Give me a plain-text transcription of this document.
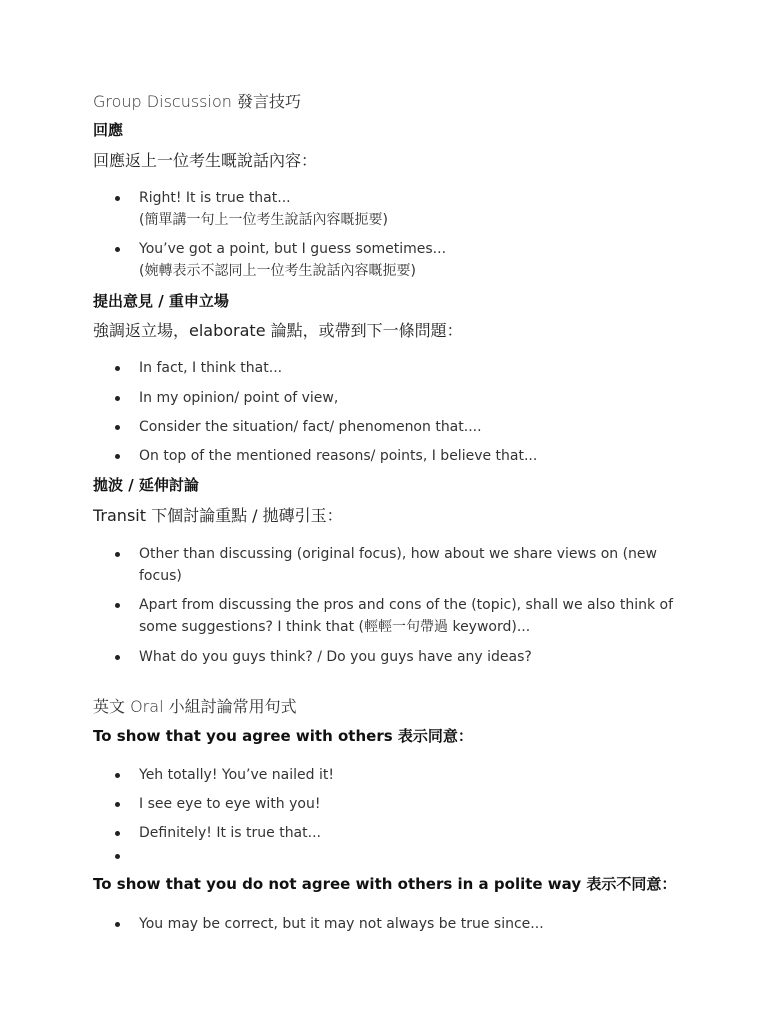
Group Discussion 發言技巧
回應
回應返上一位考生嘅說話內容：
Right! It is true that...
(簡單講一句上一位考生說話內容嘅扼要)
You’ve got a point, but I guess sometimes...
(婉轉表示不認同上一位考生說話內容嘅扼要)
提出意見 / 重申立場
強調返立場，elaborate 論點，或帶到下一條問題：
In fact, I think that...
In my opinion/ point of view,
Consider the situation/ fact/ phenomenon that....
On top of the mentioned reasons/ points, I believe that...
拋波 / 延伸討論
Transit 下個討論重點 / 拋磚引玉：
Other than discussing (original focus), how about we share views on (new
focus)
Apart from discussing the pros and cons of the (topic), shall we also think of
some suggestions? I think that (輕輕一句帶過 keyword)...
What do you guys think? / Do you guys have any ideas?
英文 Oral 小組討論常用句式
To show that you agree with others 表示同意：
Yeh totally! You’ve nailed it!
I see eye to eye with you!
Definitely! It is true that...
To show that you do not agree with others in a polite way 表示不同意：
You may be correct, but it may not always be true since...
